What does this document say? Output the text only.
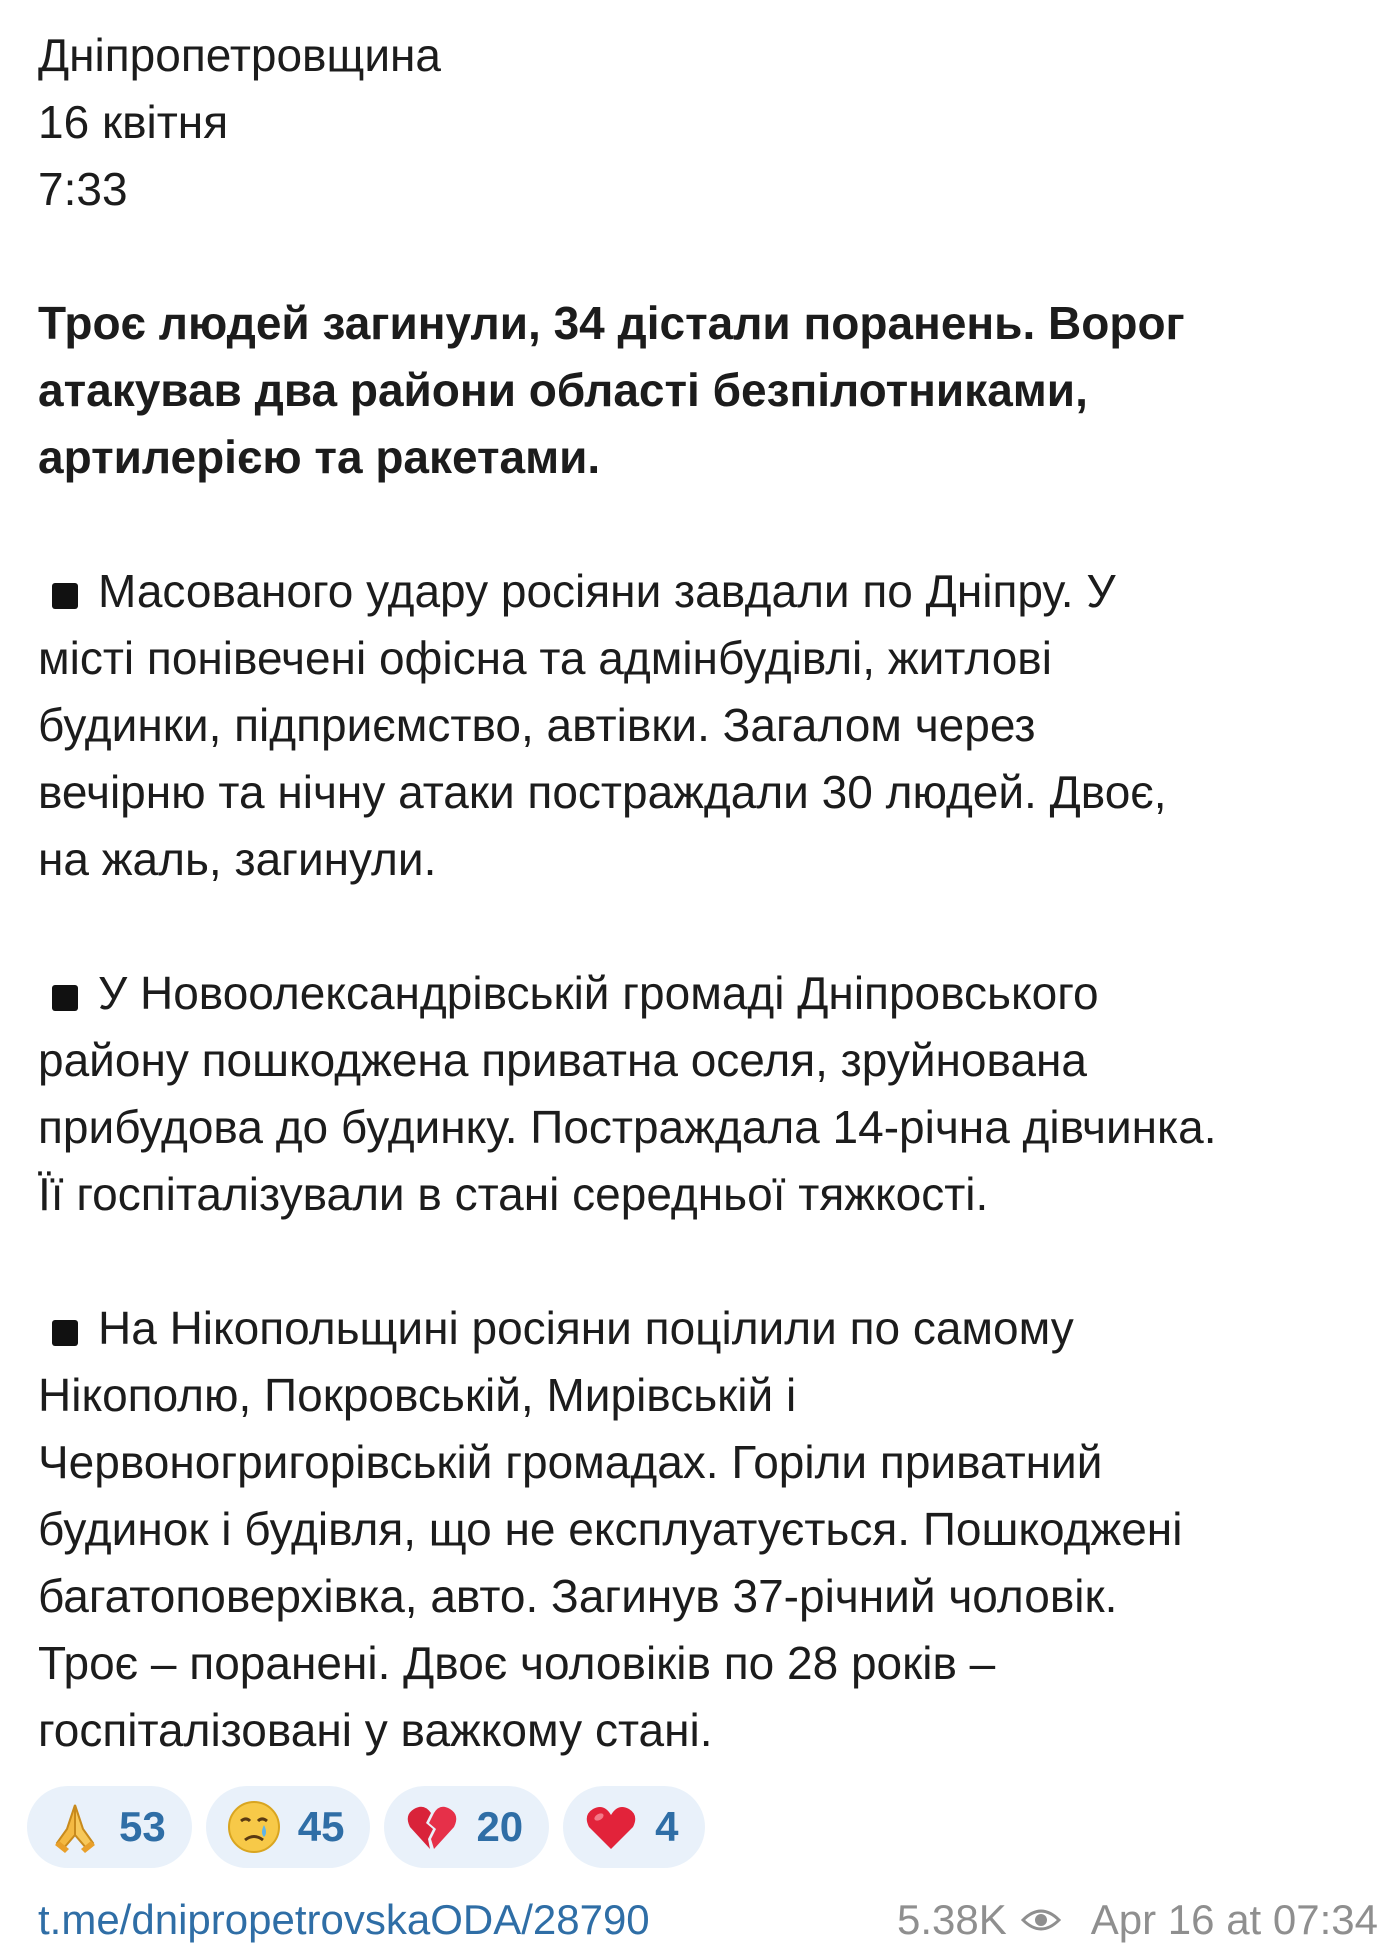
Дніпропетровщина
16 квітня
7:33
Троє людей загинули, 34 дістали поранень. Ворог
атакував два райони області безпілотниками,
артилерією та ракетами.
Масованого удару росіяни завдали по Дніпру. У
місті понівечені офісна та адмінбудівлі, житлові
будинки, підприємство, автівки. Загалом через
вечірню та нічну атаки постраждали 30 людей. Двоє,
на жаль, загинули.
У Новоолександрівській громаді Дніпровського
району пошкоджена приватна оселя, зруйнована
прибудова до будинку. Постраждала 14-річна дівчинка.
Її госпіталізували в стані середньої тяжкості.
На Нікопольщині росіяни поцілили по самому
Нікополю, Покровській, Мирівській і
Червоногригорівській громадах. Горіли приватний
будинок і будівля, що не експлуатується. Пошкоджені
багатоповерхівка, авто. Загинув 37-річний чоловік.
Троє – поранені. Двоє чоловіків по 28 років –
госпіталізовані у важкому стані.
53	45	20	4
t.me/dnipropetrovskaODA/28790	5.38K Apr 16 at 07:34
